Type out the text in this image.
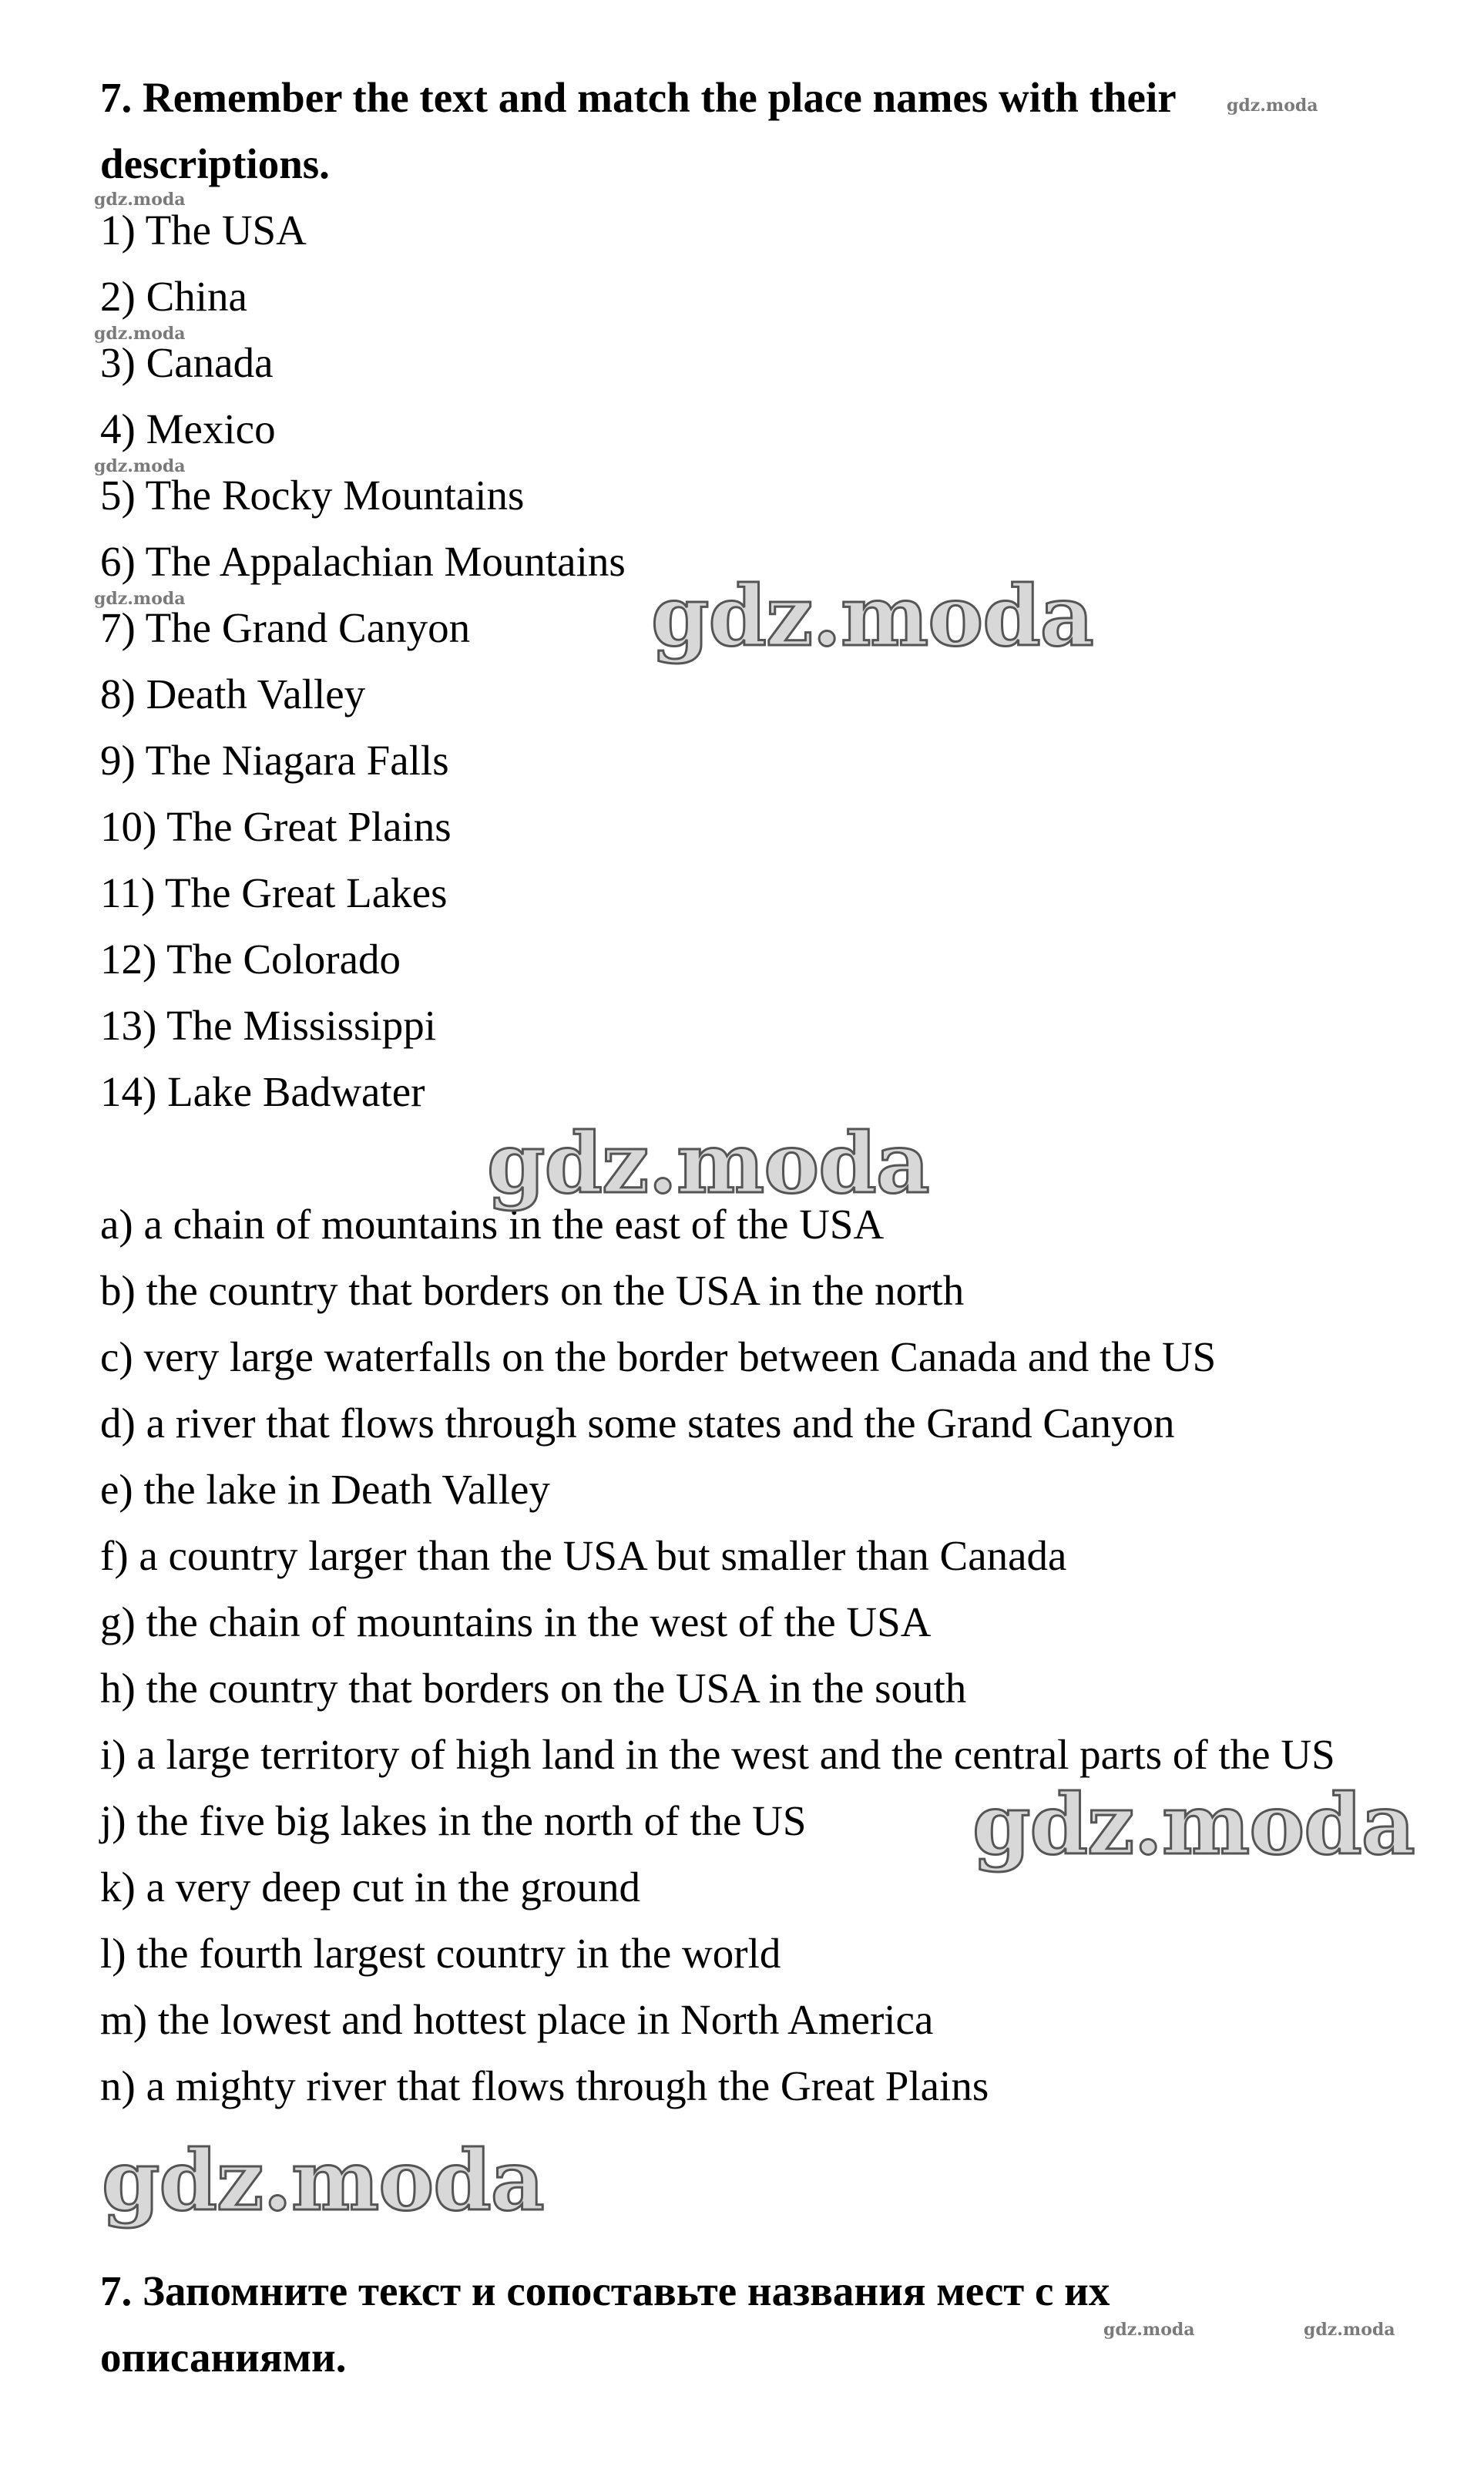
7. Remember the text and match the place names with their
descriptions.
1) The USA
2) China
3) Canada
4) Mexico
5) The Rocky Mountains
6) The Appalachian Mountains
7) The Grand Canyon
8) Death Valley
9) The Niagara Falls
10) The Great Plains
11) The Great Lakes
12) The Colorado
13) The Mississippi
14) Lake Badwater
a) a chain of mountains in the east of the USA
b) the country that borders on the USA in the north
c) very large waterfalls on the border between Canada and the US
d) a river that flows through some states and the Grand Canyon
e) the lake in Death Valley
f) a country larger than the USA but smaller than Canada
g) the chain of mountains in the west of the USA
h) the country that borders on the USA in the south
i) a large territory of high land in the west and the central parts of the US
j) the five big lakes in the north of the US
k) a very deep cut in the ground
l) the fourth largest country in the world
m) the lowest and hottest place in North America
n) a mighty river that flows through the Great Plains
7. Запомните текст и сопоставьте названия мест с их
описаниями.
gdz.moda
gdz.moda
gdz.moda
gdz.moda
gdz.moda
gdz.moda
gdz.moda
gdz.moda
gdz.moda
gdz.moda	gdz.moda
